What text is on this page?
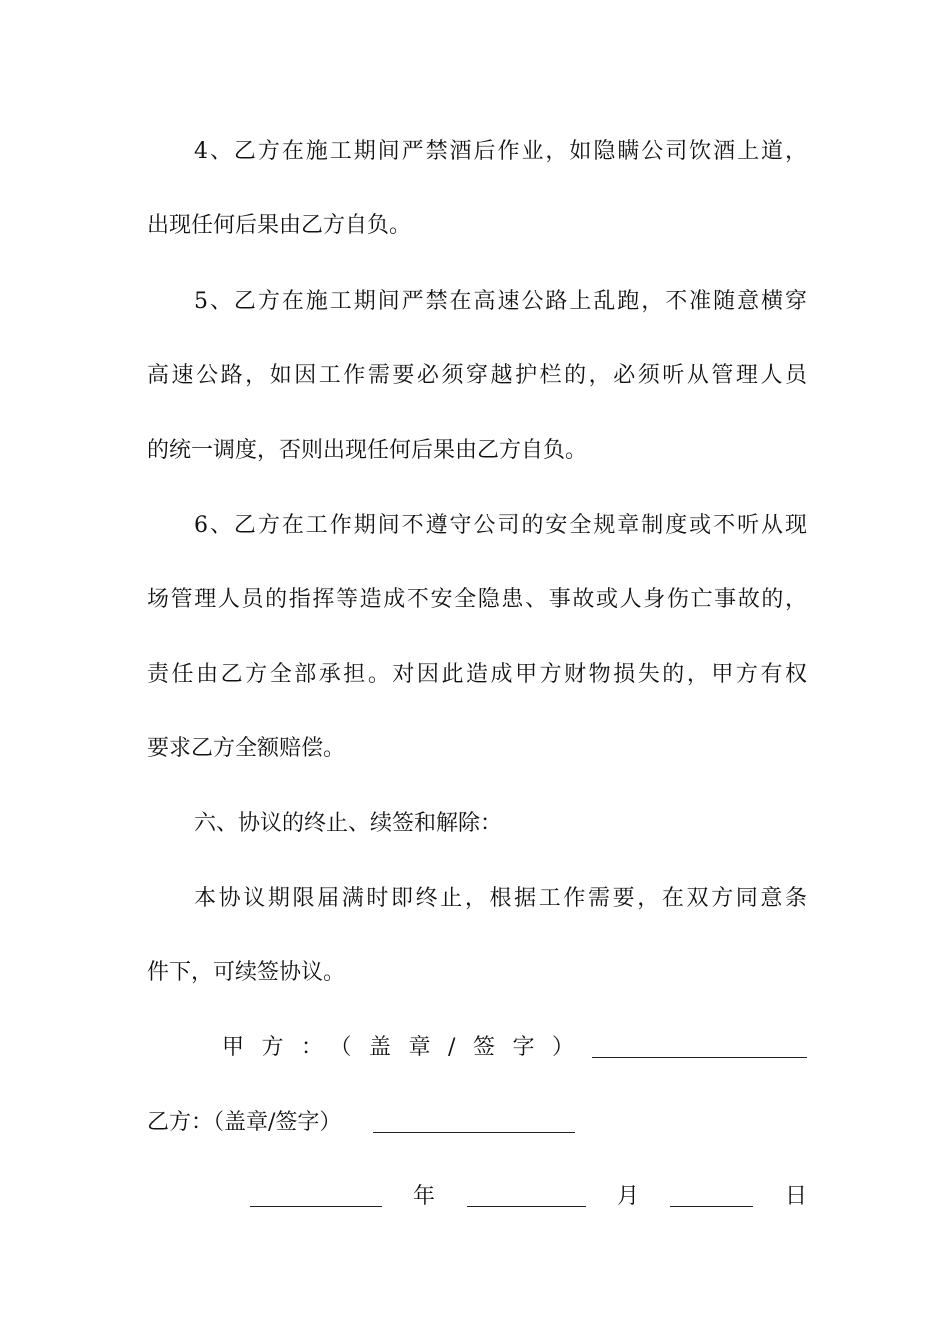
4、乙方在施工期间严禁酒后作业，如隐瞒公司饮酒上道，
出现任何后果由乙方自负。
5、乙方在施工期间严禁在高速公路上乱跑，不准随意横穿
高速公路，如因工作需要必须穿越护栏的，必须听从管理人员
的统一调度，否则出现任何后果由乙方自负。
6、乙方在工作期间不遵守公司的安全规章制度或不听从现
场管理人员的指挥等造成不安全隐患、事故或人身伤亡事故的，
责任由乙方全部承担。对因此造成甲方财物损失的，甲方有权
要求乙方全额赔偿。
六、协议的终止、续签和解除：
本协议期限届满时即终止，根据工作需要，在双方同意条
件下，可续签协议。
甲方：（盖章/签字）
乙方：（盖章/签字）
年	月	日
